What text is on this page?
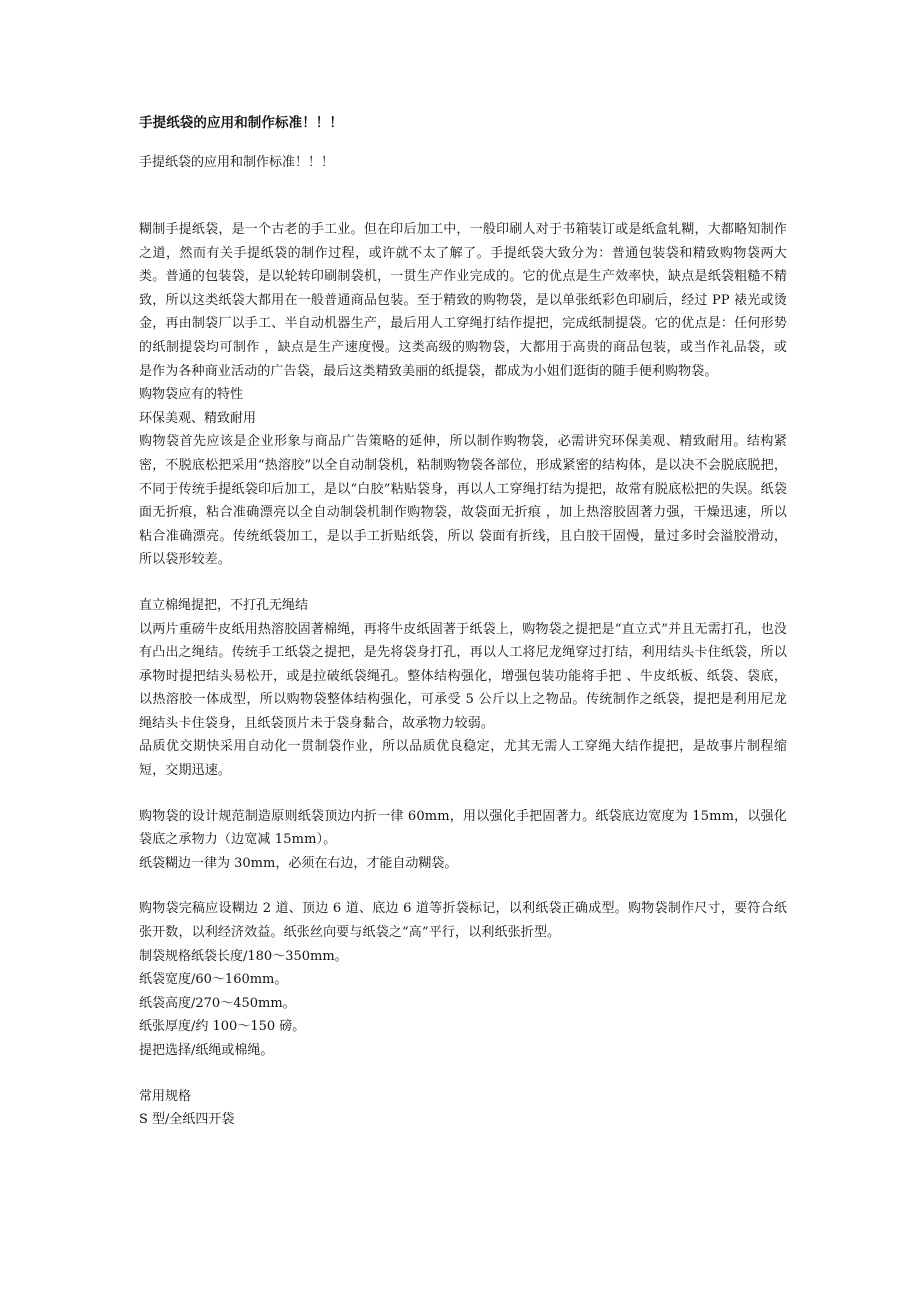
手提纸袋的应用和制作标准！！！
手提纸袋的应用和制作标准！！！

糊制手提纸袋，是一个古老的手工业。但在印后加工中，一般印刷人对于书箱装订或是纸盒轧糊，大都略知制作之道，然而有关手提纸袋的制作过程，或许就不太了解了。手提纸袋大致分为：普通包装袋和精致购物袋两大类。普通的包装袋，是以轮转印刷制袋机，一贯生产作业完成的。它的优点是生产效率快，缺点是纸袋粗糙不精致，所以这类纸袋大都用在一般普通商品包装。至于精致的购物袋，是以单张纸彩色印刷后，经过 PP 裱光或烫金，再由制袋厂以手工、半自动机器生产，最后用人工穿绳打结作提把，完成纸制提袋。它的优点是：任何形势的纸制提袋均可制作 ，缺点是生产速度慢。这类高级的购物袋，大都用于高贵的商品包装，或当作礼品袋，或是作为各种商业活动的广告袋，最后这类精致美丽的纸提袋，都成为小姐们逛街的随手便利购物袋。

购物袋应有的特性
环保美观、精致耐用

购物袋首先应该是企业形象与商品广告策略的延伸，所以制作购物袋，必需讲究环保美观、精致耐用。结构紧密，不脱底松把采用“热溶胶”以全自动制袋机，粘制购物袋各部位，形成紧密的结构体，是以决不会脱底脱把，不同于传统手提纸袋印后加工，是以“白胶”粘贴袋身，再以人工穿绳打结为提把，故常有脱底松把的失误。纸袋面无折痕，粘合准确漂亮以全自动制袋机制作购物袋，故袋面无折痕 ，加上热溶胶固著力强，干燥迅速，所以粘合准确漂亮。传统纸袋加工，是以手工折贴纸袋，所以 袋面有折线，且白胶干固慢，量过多时会溢胶滑动，所以袋形较差。

直立棉绳提把，不打孔无绳结

以两片重磅牛皮纸用热溶胶固著棉绳，再将牛皮纸固著于纸袋上，购物袋之提把是“直立式”并且无需打孔，也没有凸出之绳结。传统手工纸袋之提把，是先将袋身打孔，再以人工将尼龙绳穿过打结，利用结头卡住纸袋，所以承物时提把结头易松开，或是拉破纸袋绳孔。整体结构强化，增强包装功能将手把 、牛皮纸板、纸袋、袋底，以热溶胶一体成型，所以购物袋整体结构强化，可承受 5 公斤以上之物品。传统制作之纸袋，提把是利用尼龙绳结头卡住袋身，且纸袋顶片未于袋身黏合，故承物力较弱。

品质优交期快采用自动化一贯制袋作业，所以品质优良稳定，尤其无需人工穿绳大结作提把，是故事片制程缩短，交期迅速。

购物袋的设计规范制造原则纸袋顶边内折一律 60mm，用以强化手把固著力。纸袋底边宽度为 15mm，以强化袋底之承物力（边宽减 15mm）。

纸袋糊边一律为 30mm，必须在右边，才能自动糊袋。

购物袋完稿应设糊边 2 道、顶边 6 道、底边 6 道等折袋标记，以利纸袋正确成型。购物袋制作尺寸，要符合纸张开数，以利经济效益。纸张丝向要与纸袋之“高”平行，以利纸张折型。

制袋规格纸袋长度/180～350mm。
纸袋宽度/60～160mm。
纸袋高度/270～450mm。
纸张厚度/约 100～150 磅。
提把选择/纸绳或棉绳。
常用规格
S 型/全纸四开袋
